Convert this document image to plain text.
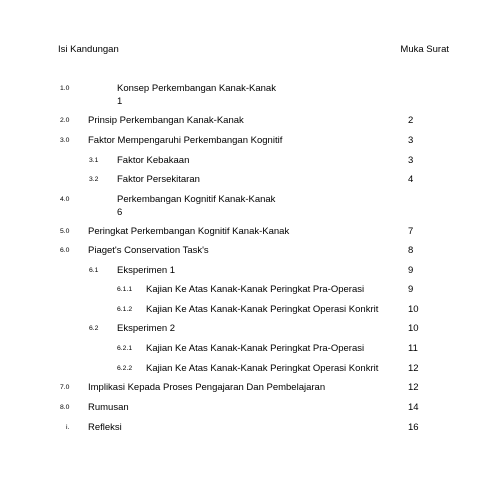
Isi Kandungan	Muka Surat
1.0	Konsep Perkembangan Kanak-Kanak
1
2.0 Prinsip Perkembangan Kanak-Kanak	2
3.0 Faktor Mempengaruhi Perkembangan Kognitif	3
3.1 Faktor Kebakaan	3
3.2 Faktor Persekitaran	4
4.0	Perkembangan Kognitif Kanak-Kanak
6
5.0 Peringkat Perkembangan Kognitif Kanak-Kanak	7
6.0 Piaget's Conservation Task's	8
6.1 Eksperimen 1	9
6.1.1 Kajian Ke Atas Kanak-Kanak Peringkat Pra-Operasi	9
6.1.2 Kajian Ke Atas Kanak-Kanak Peringkat Operasi Konkrit	10
6.2 Eksperimen 2	10
6.2.1 Kajian Ke Atas Kanak-Kanak Peringkat Pra-Operasi	11
6.2.2 Kajian Ke Atas Kanak-Kanak Peringkat Operasi Konkrit	12
7.0 Implikasi Kepada Proses Pengajaran Dan Pembelajaran	12
8.0 Rumusan	14
i. Refleksi	16
